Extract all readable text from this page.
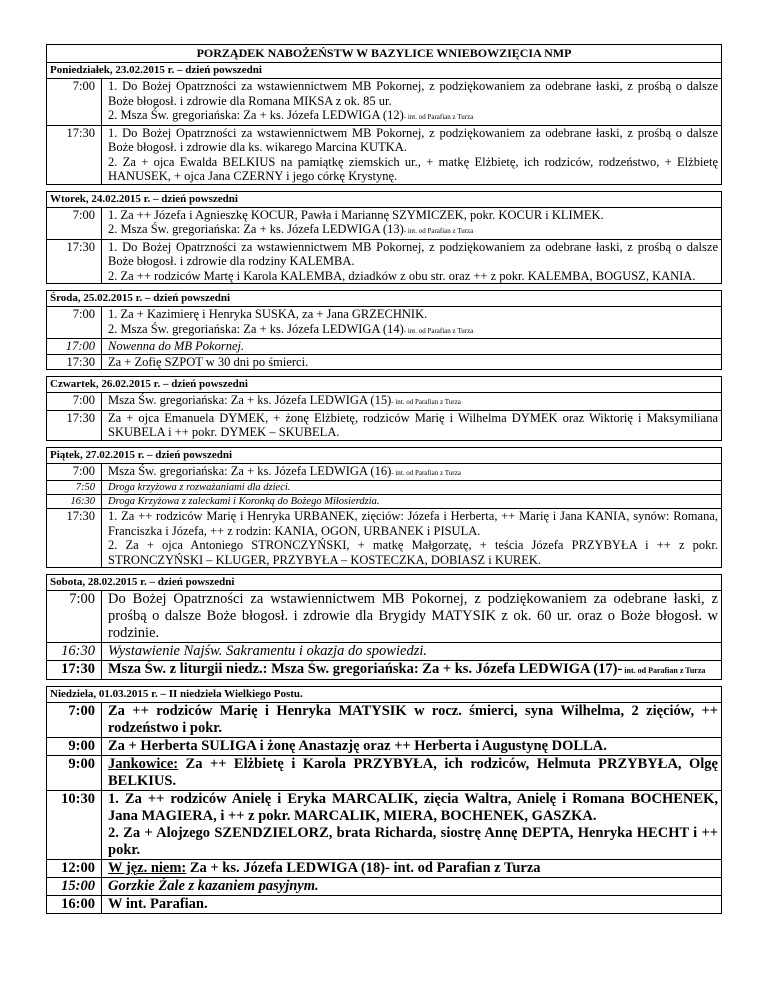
PORZĄDEK NABOŻEŃSTW W BAZYLICE WNIEBOWZIĘCIA NMP
Poniedziałek, 23.02.2015 r. – dzień powszedni
7:00	1. Do Bożej Opatrzności za wstawiennictwem MB Pokornej, z podziękowaniem za odebrane łaski, z prośbą o dalsze Boże błogosł. i zdrowie dla Romana MIKSA z ok. 85 ur.

2. Msza Św. gregoriańska: Za + ks. Józefa LEDWIGA (12)- int. od Parafian z Turza

17:30	1. Do Bożej Opatrzności za wstawiennictwem MB Pokornej, z podziękowaniem za odebrane łaski, z prośbą o dalsze Boże błogosł. i zdrowie dla ks. wikarego Marcina KUTKA.

2. Za + ojca Ewalda BELKIUS na pamiątkę ziemskich ur., + matkę Elżbietę, ich rodziców, rodzeństwo, + Elżbietę HANUSEK, + ojca Jana CZERNY i jego córkę Krystynę.

Wtorek, 24.02.2015 r. – dzień powszedni
7:00	1. Za ++ Józefa i Agnieszkę KOCUR, Pawła i Mariannę SZYMICZEK, pokr. KOCUR i KLIMEK.

2. Msza Św. gregoriańska: Za + ks. Józefa LEDWIGA (13)- int. od Parafian z Turza

17:30	1. Do Bożej Opatrzności za wstawiennictwem MB Pokornej, z podziękowaniem za odebrane łaski, z prośbą o dalsze Boże błogosł. i zdrowie dla rodziny KALEMBA.

2. Za ++ rodziców Martę i Karola KALEMBA, dziadków z obu str. oraz ++ z pokr. KALEMBA, BOGUSZ, KANIA.

Środa, 25.02.2015 r. – dzień powszedni
7:00	1. Za + Kazimierę i Henryka SUSKA, za + Jana GRZECHNIK.

2. Msza Św. gregoriańska: Za + ks. Józefa LEDWIGA (14)- int. od Parafian z Turza

17:00	Nowenna do MB Pokornej.

17:30	Za + Zofię SZPOT w 30 dni po śmierci.

Czwartek, 26.02.2015 r. – dzień powszedni
7:00	Msza Św. gregoriańska: Za + ks. Józefa LEDWIGA (15)- int. od Parafian z Turza

17:30	Za + ojca Emanuela DYMEK, + żonę Elżbietę, rodziców Marię i Wilhelma DYMEK oraz Wiktorię i Maksymiliana SKUBELA i ++ pokr. DYMEK – SKUBELA.

Piątek, 27.02.2015 r. – dzień powszedni
7:00	Msza Św. gregoriańska: Za + ks. Józefa LEDWIGA (16)- int. od Parafian z Turza

7:50	Droga krzyżowa z rozważaniami dla dzieci.

16:30	Droga Krzyżowa z zaleckami i Koronką do Bożego Miłosierdzia.

17:30	1. Za ++ rodziców Marię i Henryka URBANEK, zięciów: Józefa i Herberta, ++ Marię i Jana KANIA, synów: Romana, Franciszka i Józefa, ++ z rodzin: KANIA, OGON, URBANEK i PISULA.

2. Za + ojca Antoniego STRONCZYŃSKI, + matkę Małgorzatę, + teścia Józefa PRZYBYŁA i ++ z pokr. STRONCZYŃSKI – KLUGER, PRZYBYŁA – KOSTECZKA, DOBIASZ i KUREK.

Sobota, 28.02.2015 r. – dzień powszedni
7:00 Do Bożej Opatrzności za wstawiennictwem MB Pokornej, z podziękowaniem za odebrane łaski, z prośbą o dalsze Boże błogosł. i zdrowie dla Brygidy MATYSIK z ok. 60 ur. oraz o Boże błogosł. w rodzinie.

16:30 Wystawienie Najśw. Sakramentu i okazja do spowiedzi.

17:30 Msza Św. z liturgii niedz.: Msza Św. gregoriańska: Za + ks. Józefa LEDWIGA (17)- int. od Parafian z Turza

Niedziela, 01.03.2015 r. – II niedziela Wielkiego Postu.
7:00 Za ++ rodziców Marię i Henryka MATYSIK w rocz. śmierci, syna Wilhelma, 2 zięciów, ++ rodzeństwo i pokr.

9:00 Za + Herberta SULIGA i żonę Anastazję oraz ++ Herberta i Augustynę DOLLA.

9:00 Jankowice: Za ++ Elżbietę i Karola PRZYBYŁA, ich rodziców, Helmuta PRZYBYŁA, Olgę BELKIUS.

10:30 1. Za ++ rodziców Anielę i Eryka MARCALIK, zięcia Waltra, Anielę i Romana BOCHENEK, Jana MAGIERA, i ++ z pokr. MARCALIK, MIERA, BOCHENEK, GASZKA.

2. Za + Alojzego SZENDZIELORZ, brata Richarda, siostrę Annę DEPTA, Henryka HECHT i ++ pokr.

12:00 W jęz. niem: Za + ks. Józefa LEDWIGA (18)- int. od Parafian z Turza

15:00 Gorzkie Żale z kazaniem pasyjnym.

16:00 W int. Parafian.
